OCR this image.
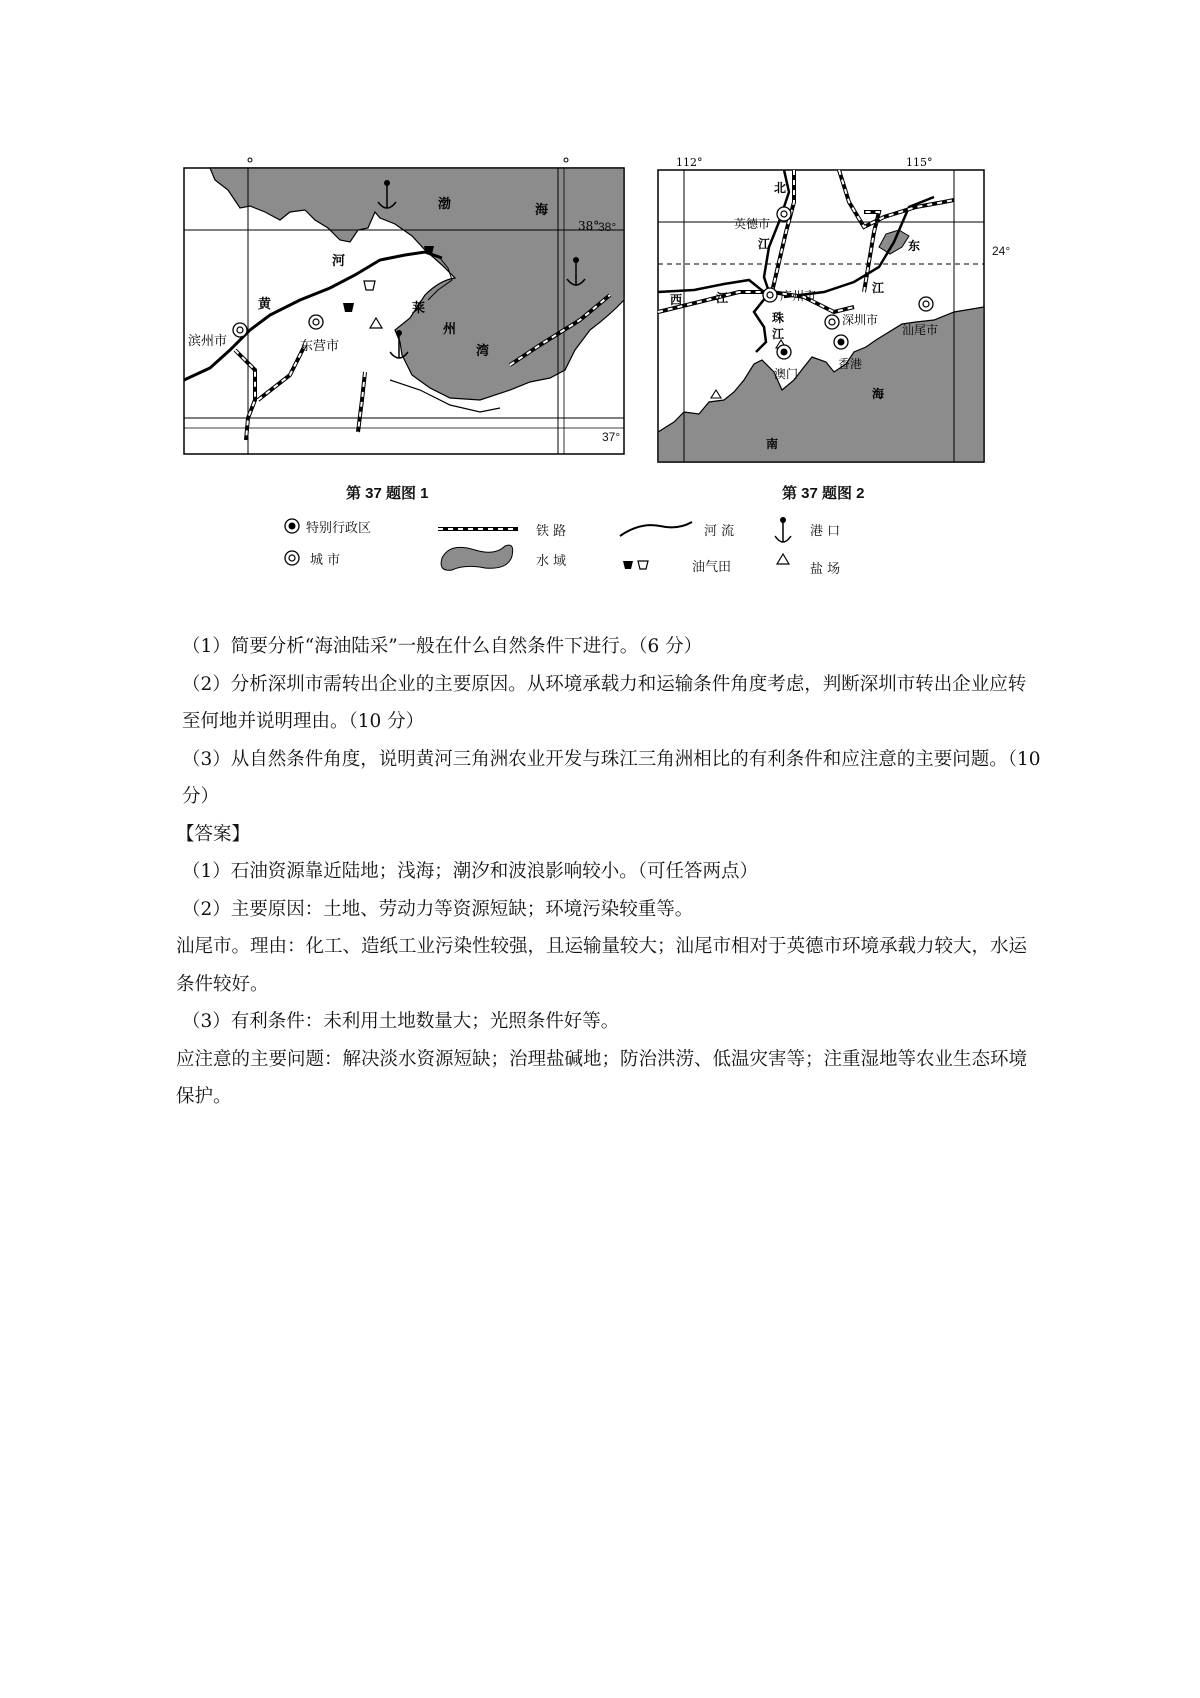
渤	海
河
黄	莱
州
湾
滨州市	东营市
38°
38°
37°
第 37 题图 1
北
江
英德市
东
江
西	江	广州市
深圳市
汕尾市
珠
江
澳门
香港
海
南
112°	115°
24°
第 37 题图 2
特别行政区
城 市
铁 路
水 域
河 流
油气田
港 口
盐 场

（1）简要分析“海油陆采”一般在什么自然条件下进行。（6 分）

（2）分析深圳市需转出企业的主要原因。从环境承载力和运输条件角度考虑，判断深圳市转出企业应转至何地并说明理由。（10 分）

（3）从自然条件角度，说明黄河三角洲农业开发与珠江三角洲相比的有利条件和应注意的主要问题。（10 分）

【答案】

（1）石油资源靠近陆地；浅海；潮汐和波浪影响较小。（可任答两点）

（2）主要原因：土地、劳动力等资源短缺；环境污染较重等。

汕尾市。理由：化工、造纸工业污染性较强，且运输量较大；汕尾市相对于英德市环境承载力较大，水运条件较好。

（3）有利条件：未利用土地数量大；光照条件好等。

应注意的主要问题：解决淡水资源短缺；治理盐碱地；防治洪涝、低温灾害等；注重湿地等农业生态环境保护。
